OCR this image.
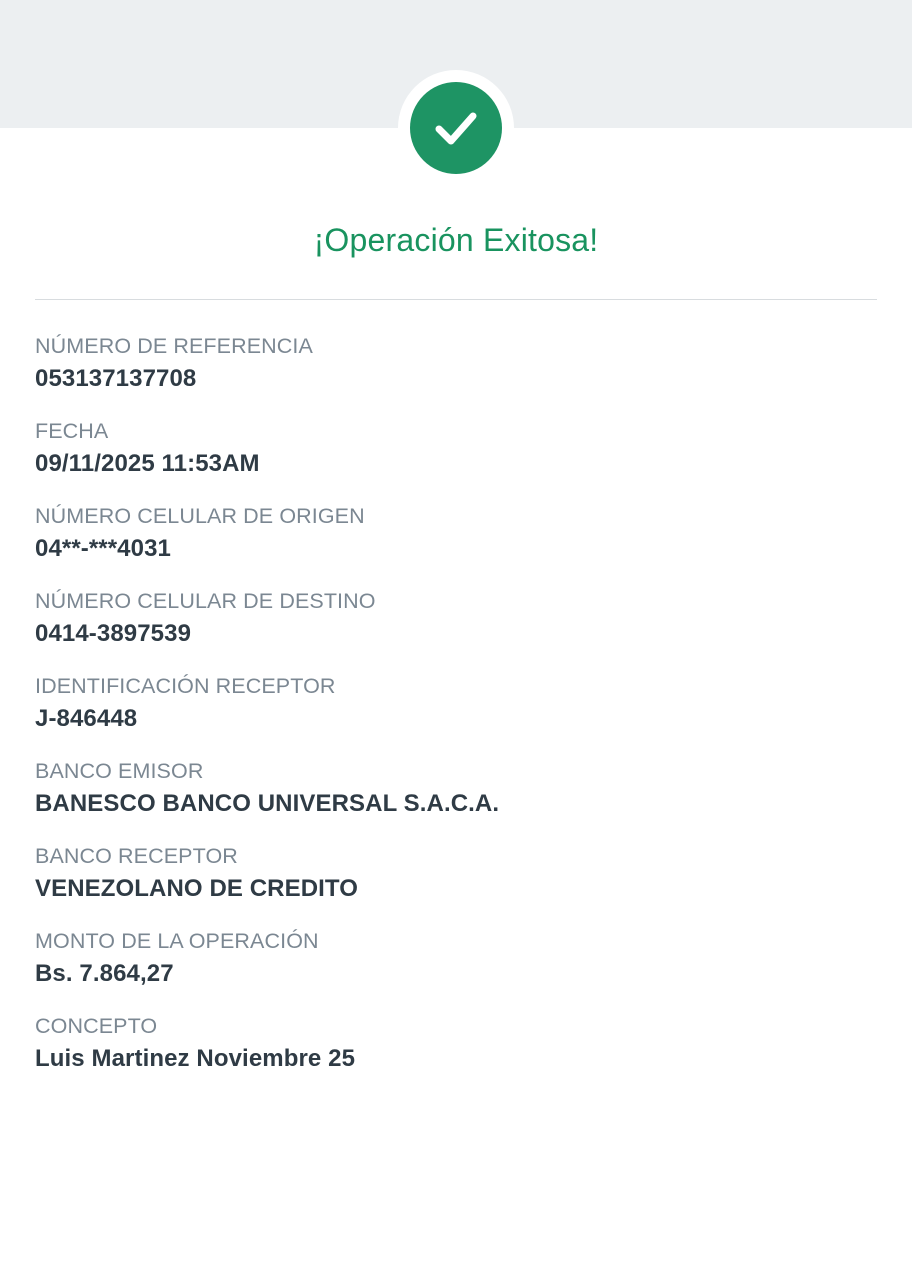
¡Operación Exitosa!
NÚMERO DE REFERENCIA
053137137708
FECHA
09/11/2025 11:53AM
NÚMERO CELULAR DE ORIGEN
04**-***4031
NÚMERO CELULAR DE DESTINO
0414-3897539
IDENTIFICACIÓN RECEPTOR
J-846448
BANCO EMISOR
BANESCO BANCO UNIVERSAL S.A.C.A.
BANCO RECEPTOR
VENEZOLANO DE CREDITO
MONTO DE LA OPERACIÓN
Bs. 7.864,27
CONCEPTO
Luis Martinez Noviembre 25
